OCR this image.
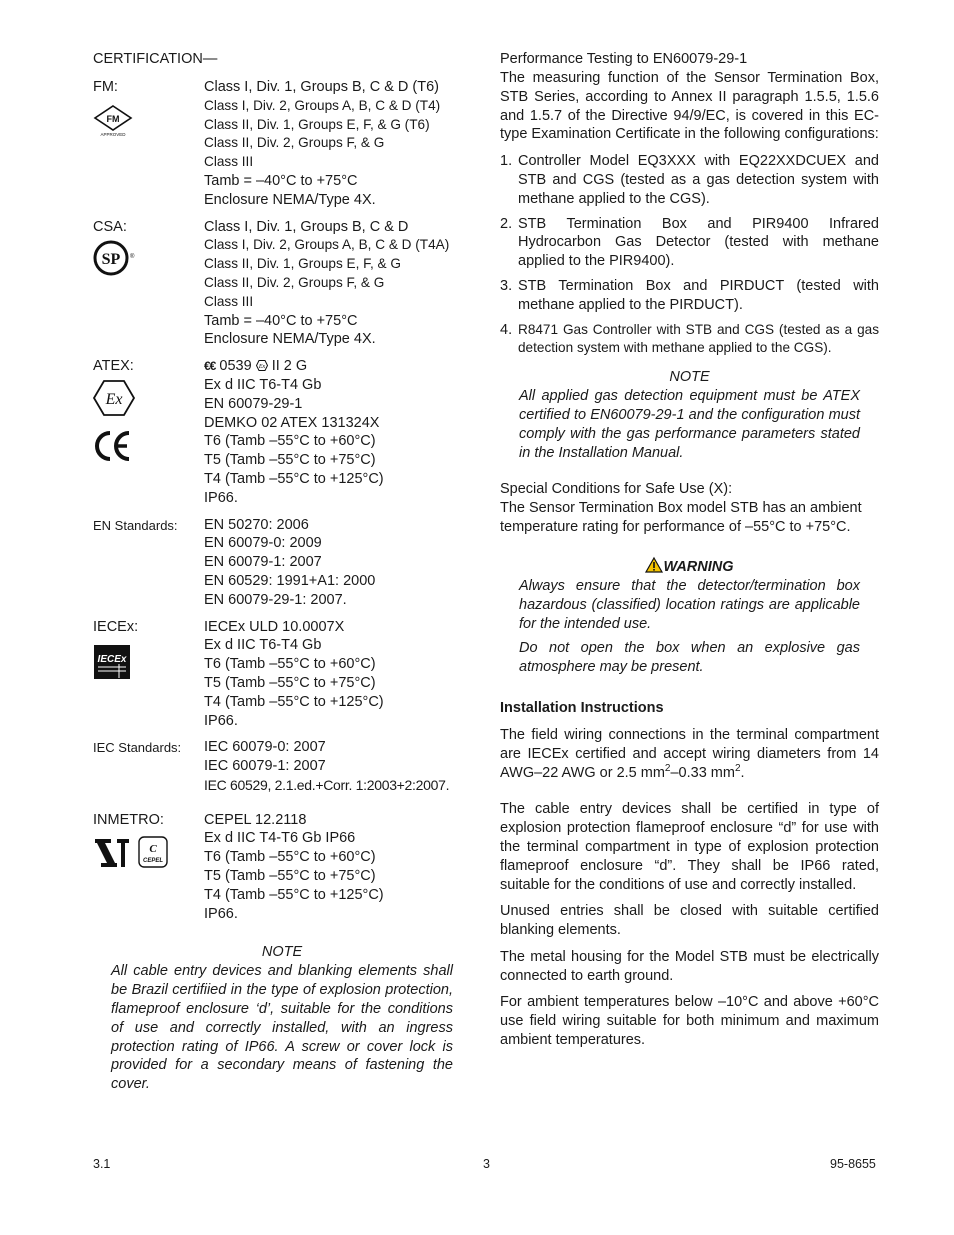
CERTIFICATION—
FM:
FM
APPROVED
Class I, Div. 1, Groups B, C & D (T6)
Class I, Div. 2, Groups A, B, C & D (T4)
Class II, Div. 1, Groups E, F, & G (T6)
Class II, Div. 2, Groups F, & G
Class III
Tamb = –40°C to +75°C
Enclosure NEMA/Type 4X.
CSA:
SP ®
Class I, Div. 1, Groups B, C & D
Class I, Div. 2, Groups A, B, C & D (T4A)
Class II, Div. 1, Groups E, F, & G
Class II, Div. 2, Groups F, & G
Class III
Tamb = –40°C to +75°C
Enclosure NEMA/Type 4X.
ATEX:
Ex
€€ 0539 Ex II 2 G
Ex d IIC T6-T4 Gb
EN 60079-29-1
DEMKO 02 ATEX 131324X
T6 (Tamb –55°C to +60°C)
T5 (Tamb –55°C to +75°C)
T4 (Tamb –55°C to +125°C)
IP66.
EN Standards:	EN 50270: 2006
EN 60079-0: 2009
EN 60079-1: 2007
EN 60529: 1991+A1: 2000
EN 60079-29-1: 2007.
IECEx:
IECEx
IECEx ULD 10.0007X
Ex d IIC T6-T4 Gb
T6 (Tamb –55°C to +60°C)
T5 (Tamb –55°C to +75°C)
T4 (Tamb –55°C to +125°C)
IP66.
IEC Standards:	IEC 60079-0: 2007
IEC 60079-1: 2007
IEC 60529, 2.1.ed.+Corr. 1:2003+2:2007.
INMETRO:
C
CEPEL
CEPEL 12.2118
Ex d IIC T4-T6 Gb IP66
T6 (Tamb –55°C to +60°C)
T5 (Tamb –55°C to +75°C)
T4 (Tamb –55°C to +125°C)
IP66.
NOTE
All cable entry devices and blanking elements shall be Brazil certifiied in the type of explosion protection, flameproof enclosure ‘d’, suitable for the conditions of use and correctly installed, with an ingress protection rating of IP66. A screw or cover lock is provided for a secondary means of fastening the cover.
Performance Testing to EN60079-29-1

The measuring function of the Sensor Termination Box, STB Series, according to Annex II paragraph 1.5.5, 1.5.6 and 1.5.7 of the Directive 94/9/EC, is covered in this EC-type Examination Certificate in the following configurations:

1. Controller Model EQ3XXX with EQ22XXDCUEX and STB and CGS (tested as a gas detection system with methane applied to the CGS).
2. STB Termination Box and PIR9400 Infrared Hydrocarbon Gas Detector (tested with methane applied to the PIR9400).
3. STB Termination Box and PIRDUCT (tested with methane applied to the PIRDUCT).
4. R8471 Gas Controller with STB and CGS (tested as a gas detection system with methane applied to the CGS).
NOTE
All applied gas detection equipment must be ATEX certified to EN60079-29-1 and the configuration must comply with the gas performance parameters stated in the Installation Manual.
Special Conditions for Safe Use (X):

The Sensor Termination Box model STB has an ambient temperature rating for performance of –55°C to +75°C.

WARNING
Always ensure that the detector/termination box hazardous (classified) location ratings are applicable for the intended use.
Do not open the box when an explosive gas atmosphere may be present.
Installation Instructions

The field wiring connections in the terminal compartment are IECEx certified and accept wiring diameters from 14 AWG–22 AWG or 2.5 $mm^2-0.33$ $mm^2$.

The cable entry devices shall be certified in type of explosion protection flameproof enclosure “d” for use with the terminal compartment in type of explosion protection flameproof enclosure “d”. They shall be IP66 rated, suitable for the conditions of use and correctly installed.

Unused entries shall be closed with suitable certified blanking elements.

The metal housing for the Model STB must be electrically connected to earth ground.

For ambient temperatures below –10°C and above +60°C use field wiring suitable for both minimum and maximum ambient temperatures.

3.1	3	95-8655
